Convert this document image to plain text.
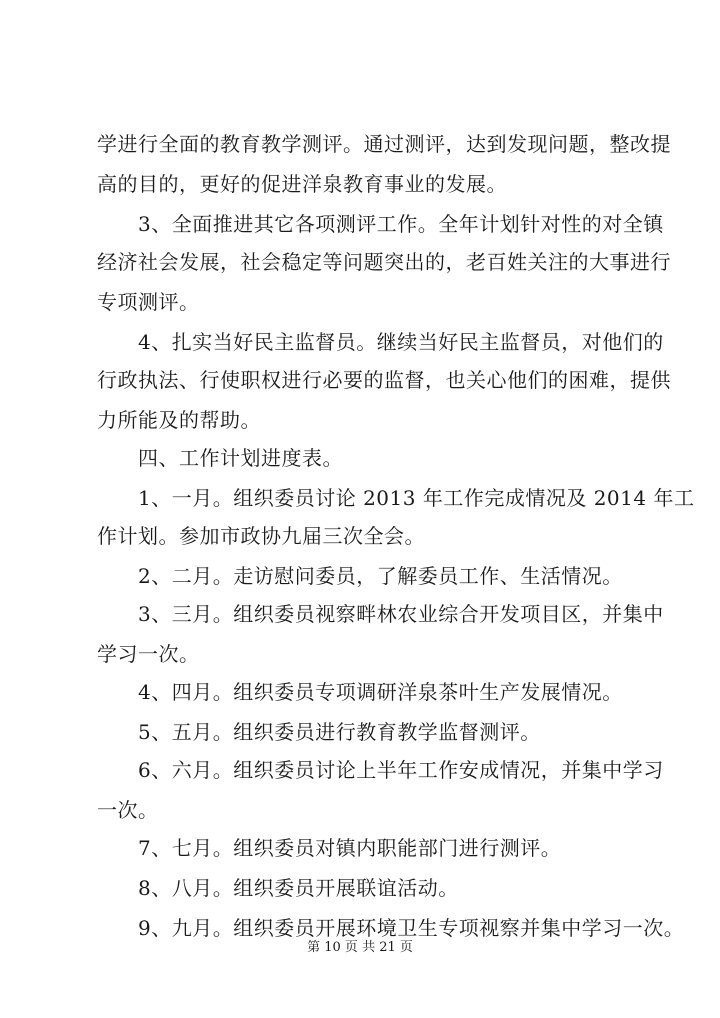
学进行全面的教育教学测评。通过测评，达到发现问题，整改提
高的目的，更好的促进洋泉教育事业的发展。
3、全面推进其它各项测评工作。全年计划针对性的对全镇
经济社会发展，社会稳定等问题突出的，老百姓关注的大事进行
专项测评。
4、扎实当好民主监督员。继续当好民主监督员，对他们的
行政执法、行使职权进行必要的监督，也关心他们的困难，提供
力所能及的帮助。
四、工作计划进度表。
1、一月。组织委员讨论 2013 年工作完成情况及 2014 年工
作计划。参加市政协九届三次全会。
2、二月。走访慰问委员，了解委员工作、生活情况。
3、三月。组织委员视察畔林农业综合开发项目区，并集中
学习一次。
4、四月。组织委员专项调研洋泉茶叶生产发展情况。
5、五月。组织委员进行教育教学监督测评。
6、六月。组织委员讨论上半年工作安成情况，并集中学习
一次。
7、七月。组织委员对镇内职能部门进行测评。
8、八月。组织委员开展联谊活动。
9、九月。组织委员开展环境卫生专项视察并集中学习一次。
第 10 页 共 21 页
